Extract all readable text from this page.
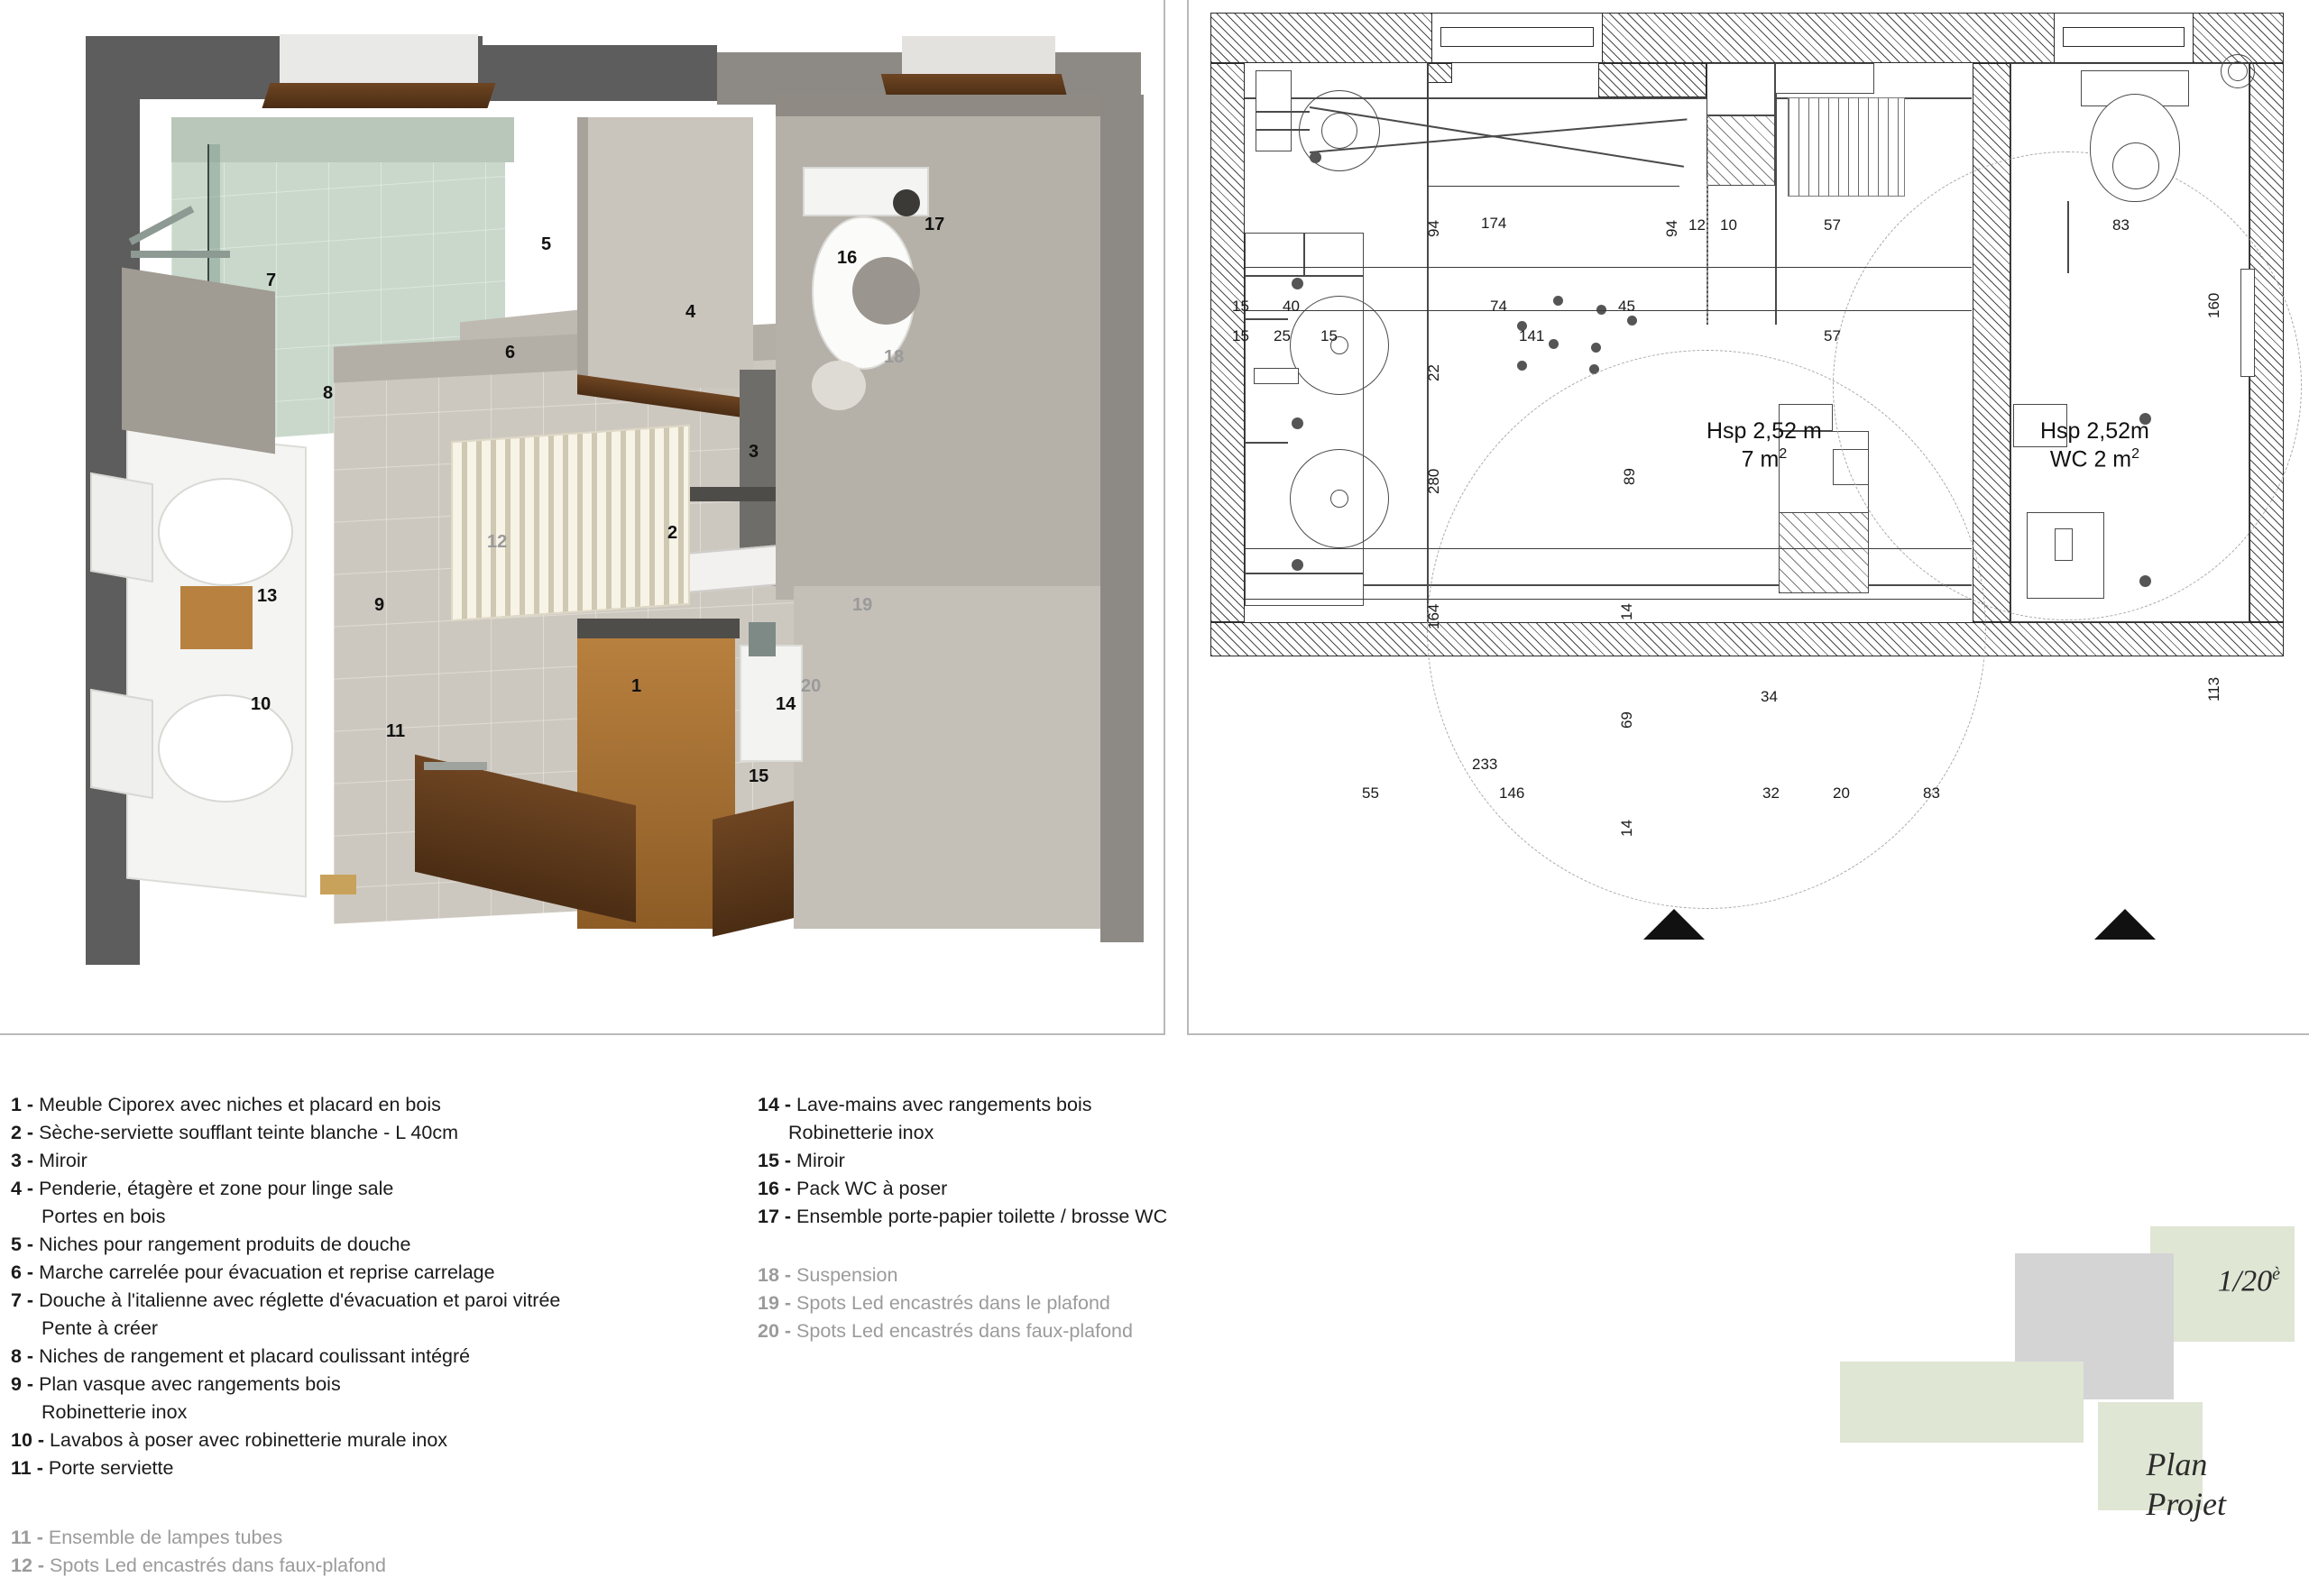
1
2
3
4
5
6
7
8
9
10
11
12
13
14
15
16
17
18
19
20
174
94	94 12 10	57	83
15 40	74	45
15 25 15	141	57
160
22
280	89
164	14
34	113
69
233
55	146	32	20	83
14
Hsp 2,52 m
7 $m^2$
Hsp 2,52m
WC 2 $m^2$
1 - Meuble Ciporex avec niches et placard en bois
2 - Sèche-serviette soufflant teinte blanche - L 40cm
3 - Miroir
4 - Penderie, étagère et zone pour linge sale
Portes en bois
5 - Niches pour rangement produits de douche
6 - Marche carrelée pour évacuation et reprise carrelage
7 - Douche à l'italienne avec réglette d'évacuation et paroi vitrée
Pente à créer
8 - Niches de rangement et placard coulissant intégré
9 - Plan vasque avec rangements bois
Robinetterie inox
10 - Lavabos à poser avec robinetterie murale inox
11 - Porte serviette
11 - Ensemble de lampes tubes
12 - Spots Led encastrés dans faux-plafond

14 - Lave-mains avec rangements bois
Robinetterie inox
15 - Miroir
16 - Pack WC à poser
17 - Ensemble porte-papier toilette / brosse WC
18 - Suspension
19 - Spots Led encastrés dans le plafond
20 - Spots Led encastrés dans faux-plafond
$1/20^è$
Plan
Projet
